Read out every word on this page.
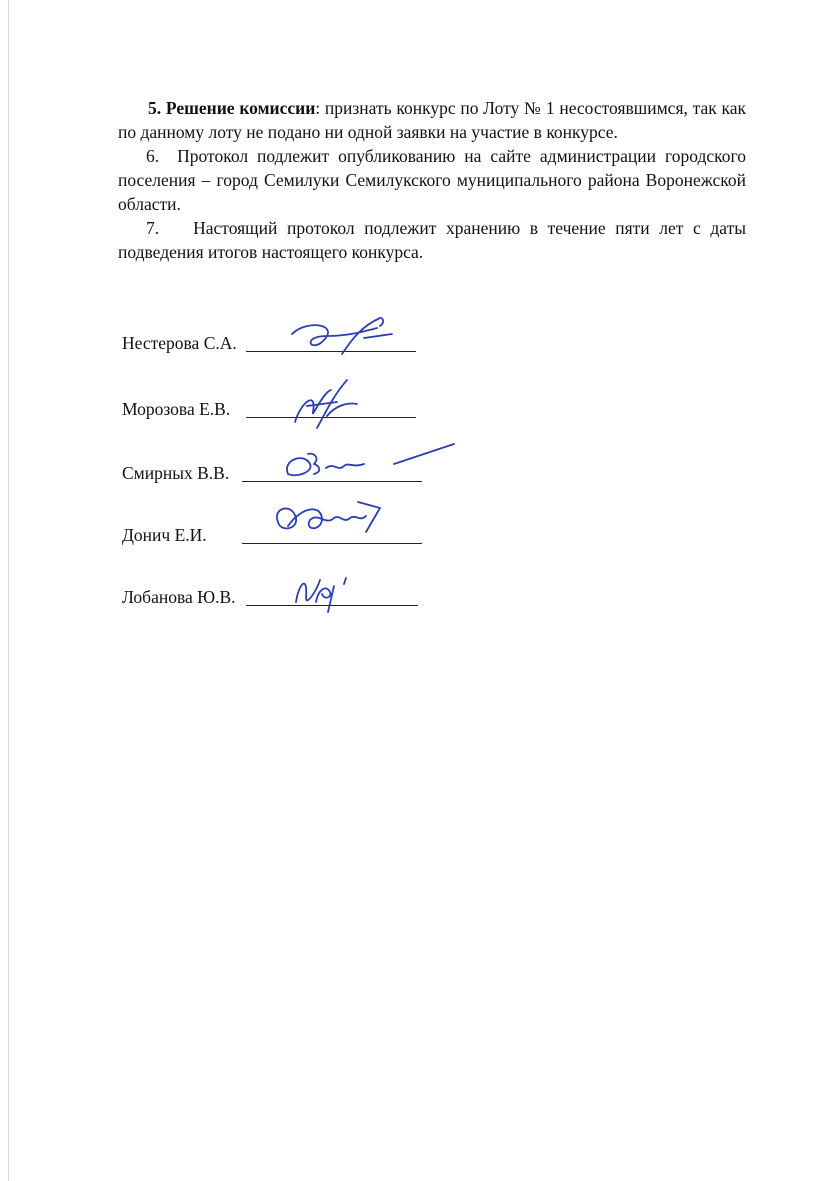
5. Решение комиссии: признать конкурс по Лоту № 1 несостоявшимся, так как по данному лоту не подано ни одной заявки на участие в конкурсе.

6. Протокол подлежит опубликованию на сайте администрации городского поселения – город Семилуки Семилукского муниципального района Воронежской области.

7. Настоящий протокол подлежит хранению в течение пяти лет с даты подведения итогов настоящего конкурса.

Нестерова С.А.
Морозова Е.В.
Смирных В.В.
Донич Е.И.
Лобанова Ю.В.
